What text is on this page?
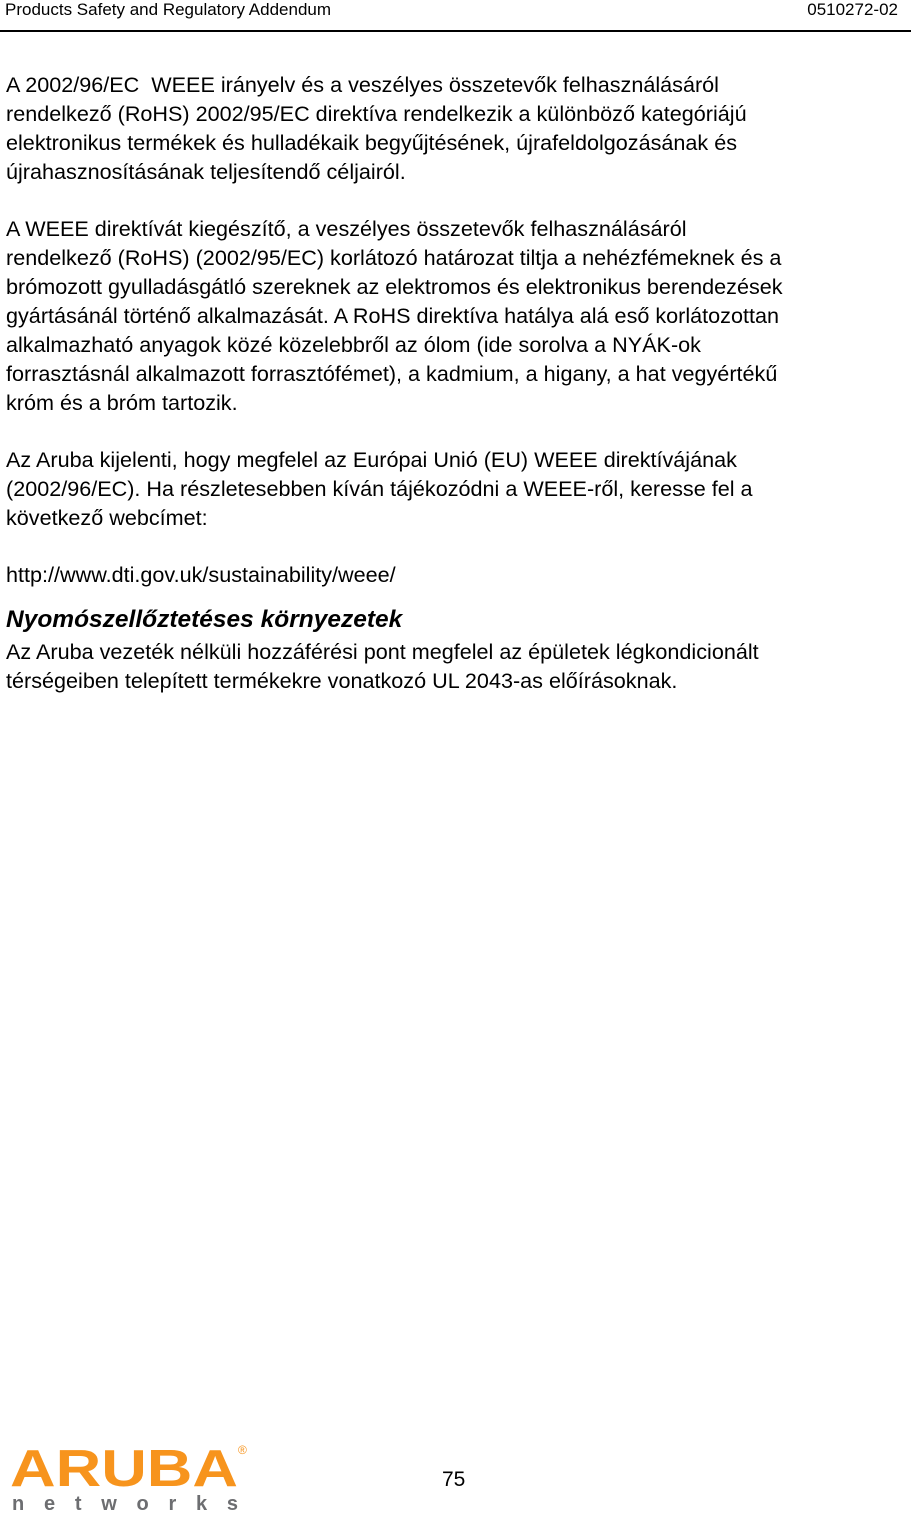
Products Safety and Regulatory Addendum	0510272-02

A 2002/96/EC  WEEE irányelv és a veszélyes összetevők felhasználásáról
rendelkező (RoHS) 2002/95/EC direktíva rendelkezik a különböző kategóriájú
elektronikus termékek és hulladékaik begyűjtésének, újrafeldolgozásának és
újrahasznosításának teljesítendő céljairól.

A WEEE direktívát kiegészítő, a veszélyes összetevők felhasználásáról
rendelkező (RoHS) (2002/95/EC) korlátozó határozat tiltja a nehézfémeknek és a
brómozott gyulladásgátló szereknek az elektromos és elektronikus berendezések
gyártásánál történő alkalmazását. A RoHS direktíva hatálya alá eső korlátozottan
alkalmazható anyagok közé közelebbről az ólom (ide sorolva a NYÁK-ok
forrasztásnál alkalmazott forrasztófémet), a kadmium, a higany, a hat vegyértékű
króm és a bróm tartozik.

Az Aruba kijelenti, hogy megfelel az Európai Unió (EU) WEEE direktívájának
(2002/96/EC). Ha részletesebben kíván tájékozódni a WEEE-ről, keresse fel a
következő webcímet:

http://www.dti.gov.uk/sustainability/weee/

Nyomószellőztetéses környezetek

Az Aruba vezeték nélküli hozzáférési pont megfelel az épületek légkondicionált
térségeiben telepített termékekre vonatkozó UL 2043-as előírásoknak.

ARUBA ®
networks
75
